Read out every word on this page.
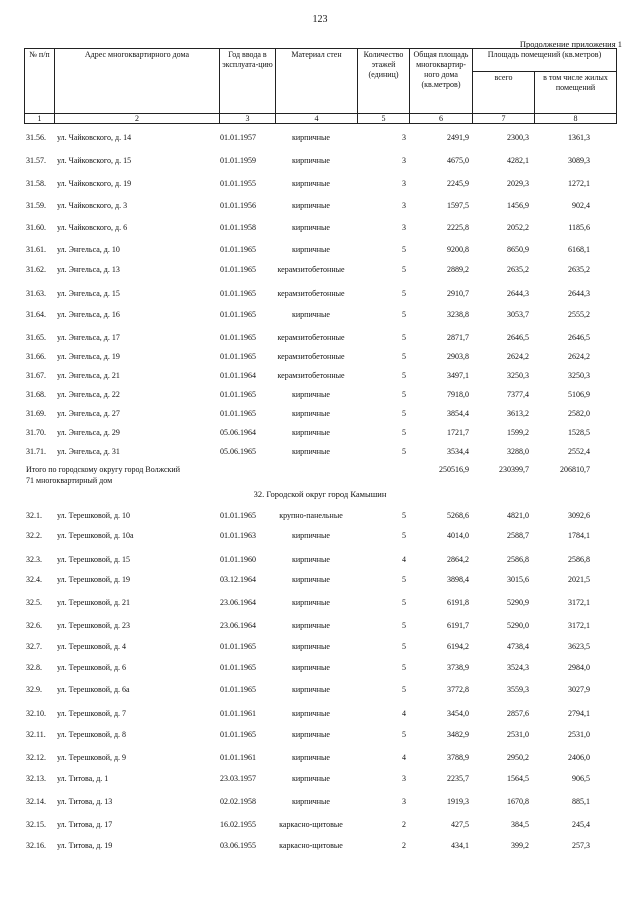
123
Продолжение приложения 1
№ п/п	Адрес многоквартирного дома	Год ввода в эксплуата-цию	Материал стен	Количество этажей (единиц)	Общая площадь многоквартир-ного дома (кв.метров)	Площадь помещений (кв.метров)	
						всего	в том числе жилых помещений
1	2	3	4	5	6	7	8
31.56. ул. Чайковского, д. 14	01.01.1957	кирпичные	3	2491,9	2300,3	1361,3
31.57. ул. Чайковского, д. 15	01.01.1959	кирпичные	3	4675,0	4282,1	3089,3
31.58. ул. Чайковского, д. 19	01.01.1955	кирпичные	3	2245,9	2029,3	1272,1
31.59. ул. Чайковского, д. 3	01.01.1956	кирпичные	3	1597,5	1456,9	902,4
31.60. ул. Чайковского, д. 6	01.01.1958	кирпичные	3	2225,8	2052,2	1185,6
31.61. ул. Энгельса, д. 10	01.01.1965	кирпичные	5	9200,8	8650,9	6168,1
31.62. ул. Энгельса, д. 13	01.01.1965	керамзитобетонные	5	2889,2	2635,2	2635,2
31.63. ул. Энгельса, д. 15	01.01.1965	керамзитобетонные	5	2910,7	2644,3	2644,3
31.64. ул. Энгельса, д. 16	01.01.1965	кирпичные	5	3238,8	3053,7	2555,2
31.65. ул. Энгельса, д. 17	01.01.1965	керамзитобетонные	5	2871,7	2646,5	2646,5
31.66. ул. Энгельса, д. 19	01.01.1965	керамзитобетонные	5	2903,8	2624,2	2624,2
31.67. ул. Энгельса, д. 21	01.01.1964	керамзитобетонные	5	3497,1	3250,3	3250,3
31.68. ул. Энгельса, д. 22	01.01.1965	кирпичные	5	7918,0	7377,4	5106,9
31.69. ул. Энгельса, д. 27	01.01.1965	кирпичные	5	3854,4	3613,2	2582,0
31.70. ул. Энгельса, д. 29	05.06.1964	кирпичные	5	1721,7	1599,2	1528,5
31.71. ул. Энгельса, д. 31	05.06.1965	кирпичные	5	3534,4	3288,0	2552,4
32.1. ул. Терешковой, д. 10	01.01.1965	крупно-панельные	5	5268,6	4821,0	3092,6
32.2. ул. Терешковой, д. 10а	01.01.1963	кирпичные	5	4014,0	2588,7	1784,1
32.3. ул. Терешковой, д. 15	01.01.1960	кирпичные	4	2864,2	2586,8	2586,8
32.4. ул. Терешковой, д. 19	03.12.1964	кирпичные	5	3898,4	3015,6	2021,5
32.5. ул. Терешковой, д. 21	23.06.1964	кирпичные	5	6191,8	5290,9	3172,1
32.6. ул. Терешковой, д. 23	23.06.1964	кирпичные	5	6191,7	5290,0	3172,1
32.7. ул. Терешковой, д. 4	01.01.1965	кирпичные	5	6194,2	4738,4	3623,5
32.8. ул. Терешковой, д. 6	01.01.1965	кирпичные	5	3738,9	3524,3	2984,0
32.9. ул. Терешковой, д. 6а	01.01.1965	кирпичные	5	3772,8	3559,3	3027,9
32.10. ул. Терешковой, д. 7	01.01.1961	кирпичные	4	3454,0	2857,6	2794,1
32.11. ул. Терешковой, д. 8	01.01.1965	кирпичные	5	3482,9	2531,0	2531,0
32.12. ул. Терешковой, д. 9	01.01.1961	кирпичные	4	3788,9	2950,2	2406,0
32.13. ул. Титова, д. 1	23.03.1957	кирпичные	3	2235,7	1564,5	906,5
32.14. ул. Титова, д. 13	02.02.1958	кирпичные	3	1919,3	1670,8	885,1
32.15. ул. Титова, д. 17	16.02.1955	каркасно-щитовые	2	427,5	384,5	245,4
32.16. ул. Титова, д. 19	03.06.1955	каркасно-щитовые	2	434,1	399,2	257,3
Итого по городскому округу город Волжский
71 многоквартирный дом
250516,9	230399,7	206810,7
32. Городской округ город Камышин
